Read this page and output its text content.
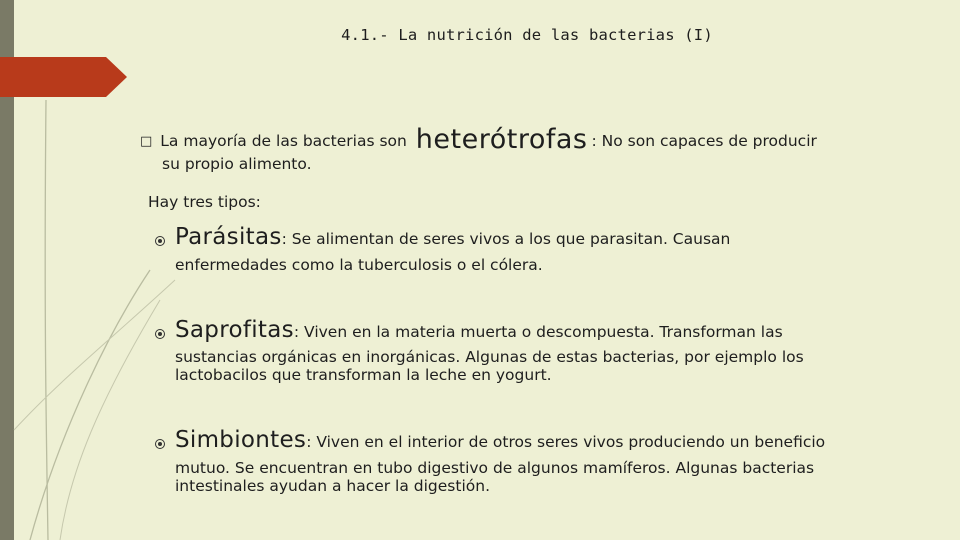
4.1.- La nutrición de las bacterias (I)
□ La mayoría de las bacterias son heterótrofas : No son capaces de producir
su propio alimento.
Hay tres tipos:
Parásitas: Se alimentan de seres vivos a los que parasitan. Causan
enfermedades como la tuberculosis o el cólera.
Saprofitas: Viven en la materia muerta o descompuesta. Transforman las
sustancias orgánicas en inorgánicas. Algunas de estas bacterias, por ejemplo los
lactobacilos que transforman la leche en yogurt.
Simbiontes: Viven en el interior de otros seres vivos produciendo un beneficio
mutuo. Se encuentran en tubo digestivo de algunos mamíferos. Algunas bacterias
intestinales ayudan a hacer la digestión.
